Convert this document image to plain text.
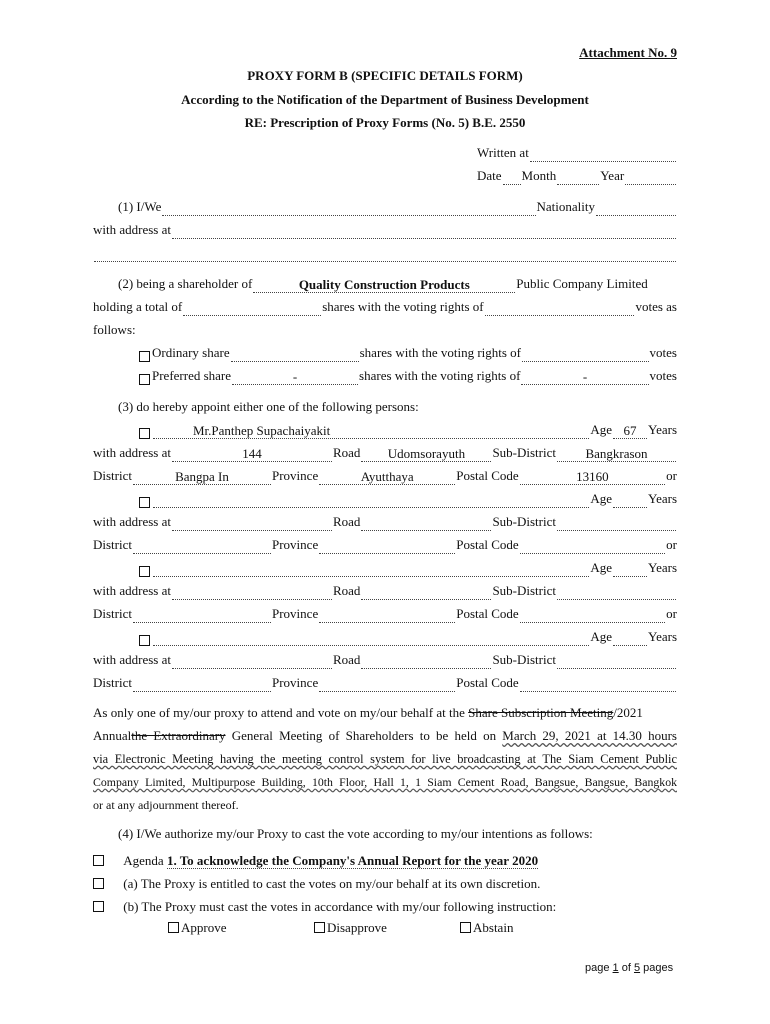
Attachment No. 9
PROXY FORM B (SPECIFIC DETAILS FORM)
According to the Notification of the Department of Business Development
RE: Prescription of Proxy Forms (No. 5) B.E. 2550
Written at
Date Month	Year
(1) I/We	Nationality
with address at
(2) being a shareholder of	Quality Construction Products	Public Company Limited
holding a total of	shares with the voting rights of	votes as
follows:
Ordinary share	shares with the voting rights of	votes
Preferred share	-	shares with the voting rights of	-	votes
(3) do hereby appoint either one of the following persons:
Mr.Panthep Supachaiyakit	Age 67 Years
with address at	144	Road	Udomsorayuth	Sub-District	Bangkrason
District	Bangpa In	Province	Ayutthaya	Postal Code	13160	or
Age	Years
with address at	Road	Sub-District
District	Province	Postal Code	or
Age	Years
with address at	Road	Sub-District
District	Province	Postal Code	or
Age	Years
with address at	Road	Sub-District
District	Province	Postal Code
As only one of my/our proxy to attend and vote on my/our behalf at the Share Subscription Meeting/2021
Annualthe Extraordinary General Meeting of Shareholders to be held on March 29, 2021 at 14.30 hours
via Electronic Meeting having the meeting control system for live broadcasting at The Siam Cement Public
Company Limited, Multipurpose Building, 10th Floor, Hall 1, 1 Siam Cement Road, Bangsue, Bangsue, Bangkok
or at any adjournment thereof.
(4) I/We authorize my/our Proxy to cast the vote according to my/our intentions as follows:
Agenda 1. To acknowledge the Company's Annual Report for the year 2020
(a) The Proxy is entitled to cast the votes on my/our behalf at its own discretion.
(b) The Proxy must cast the votes in accordance with my/our following instruction:
Approve	Disapprove	Abstain
page 1 of 5 pages
